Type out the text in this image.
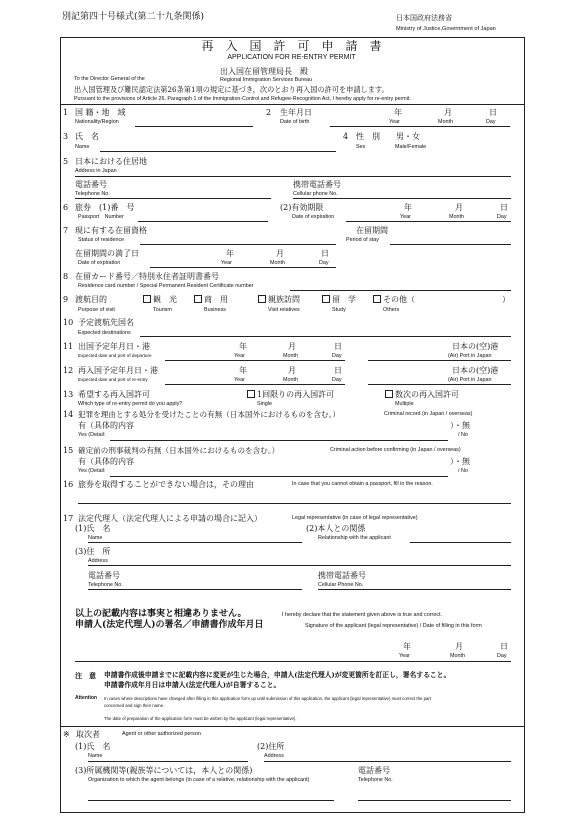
別記第四十号様式(第二十九条関係)	日本国政府法務省
Ministry of Justice,Government of Japan
再　入　国　許　可　申　請　書
APPLICATION FOR RE-ENTRY PERMIT
To the Director General of the
出入国在留管理局長　殿
Regional Immigration Services Bureau
出入国管理及び難民認定法第26条第1項の規定に基づき，次のとおり再入国の許可を申請します。
Pursuant to the provisions of Article 26, Paragraph 1 of the Immigration-Control and Refugee-Recognition Act, I hereby apply for re-entry permit.
1 国 籍・地　域
Nationality/Region
2 生年月日
Date of birth
年
Year
月
Month
日
Day
3 氏　名
Name
4 性　別
Sex
男・女
Male/Female
5 日本における住居地
Address in Japan
電話番号
Telephone No.
携帯電話番号
Cellular phone No.
6 旅券　(1)番　号
Passport　Number
(2)有効期限
Date of expiration
年
Year
月
Month
日
Day
7 現に有する在留資格
Status of residence
在留期間
Period of stay
在留期間の満了日
Date of expiration
年
Year
月
Month
日
Day
8 在留カード番号／特別永住者証明書番号
Residence card number / Special Permanent Resident Certificate number
9 渡航目的
Purpose of visit
観　光
Tourism
商　用
Business
親族訪問
Visit relatives
留　学
Study
その他（
Others
）
10 予定渡航先国名
Expected destinations
11 出国予定年月日・港
Expected date and port of departure
年
Year
月
Month
日
Day
日本の(空)港
(Air) Port in Japan
12 再入国予定年月日・港
Expected date and port of re-entry
年
Year
月
Month
日
Day
日本の(空)港
(Air) Port in Japan
13 希望する再入国許可
Which type of re-entry permit do you apply?
1回限りの再入国許可
Single
数次の再入国許可
Multiple
14 犯罪を理由とする処分を受けたことの有無（日本国外におけるものを含む。）	Criminal record (in Japan / overseas)
有（具体的内容
Yes (Detail:
）・無
/ No
15 確定前の刑事裁判の有無（日本国外におけるものを含む。）	Criminal action before confirming (in Japan / overseas)
有（具体的内容
Yes (Detail:
）・無
/ No
16 旅券を取得することができない場合は，その理由	In case that you cannot obtain a passport, fill in the reason.
17 法定代理人（法定代理人による申請の場合に記入）	Legal representative (in case of legal representative)
(1)氏　名
Name
(2)本人との関係
Relationship with the applicant
(3)住　所
Address
電話番号
Telephone No.
携帯電話番号
Cellular Phone No.
以上の記載内容は事実と相違ありません。	I hereby declare that the statement given above is true and correct.
申請人(法定代理人)の署名／申請書作成年月日	Signature of the applicant (legal representative) / Date of filling in this form
年
Year
月
Month
日
Day
注　意 申請書作成後申請までに記載内容に変更が生じた場合，申請人(法定代理人)が変更箇所を訂正し，署名すること。
申請書作成年月日は申請人(法定代理人)が自署すること。
Attention In cases where descriptions have changed after filling in this application form up until submission of this application, the applicant (legal representative) must correct the part
concerned and sign their name.
The date of preparation of the application form must be written by the applicant (legal representative).
※ 取次者	Agent or other authorized person
(1)氏　名
Name
(2)住所
Address
(3)所属機関等(親族等については，本人との関係)
Organization to which the agent belongs (in case of a relative, relationship with the applicant)
電話番号
Telephone No.
